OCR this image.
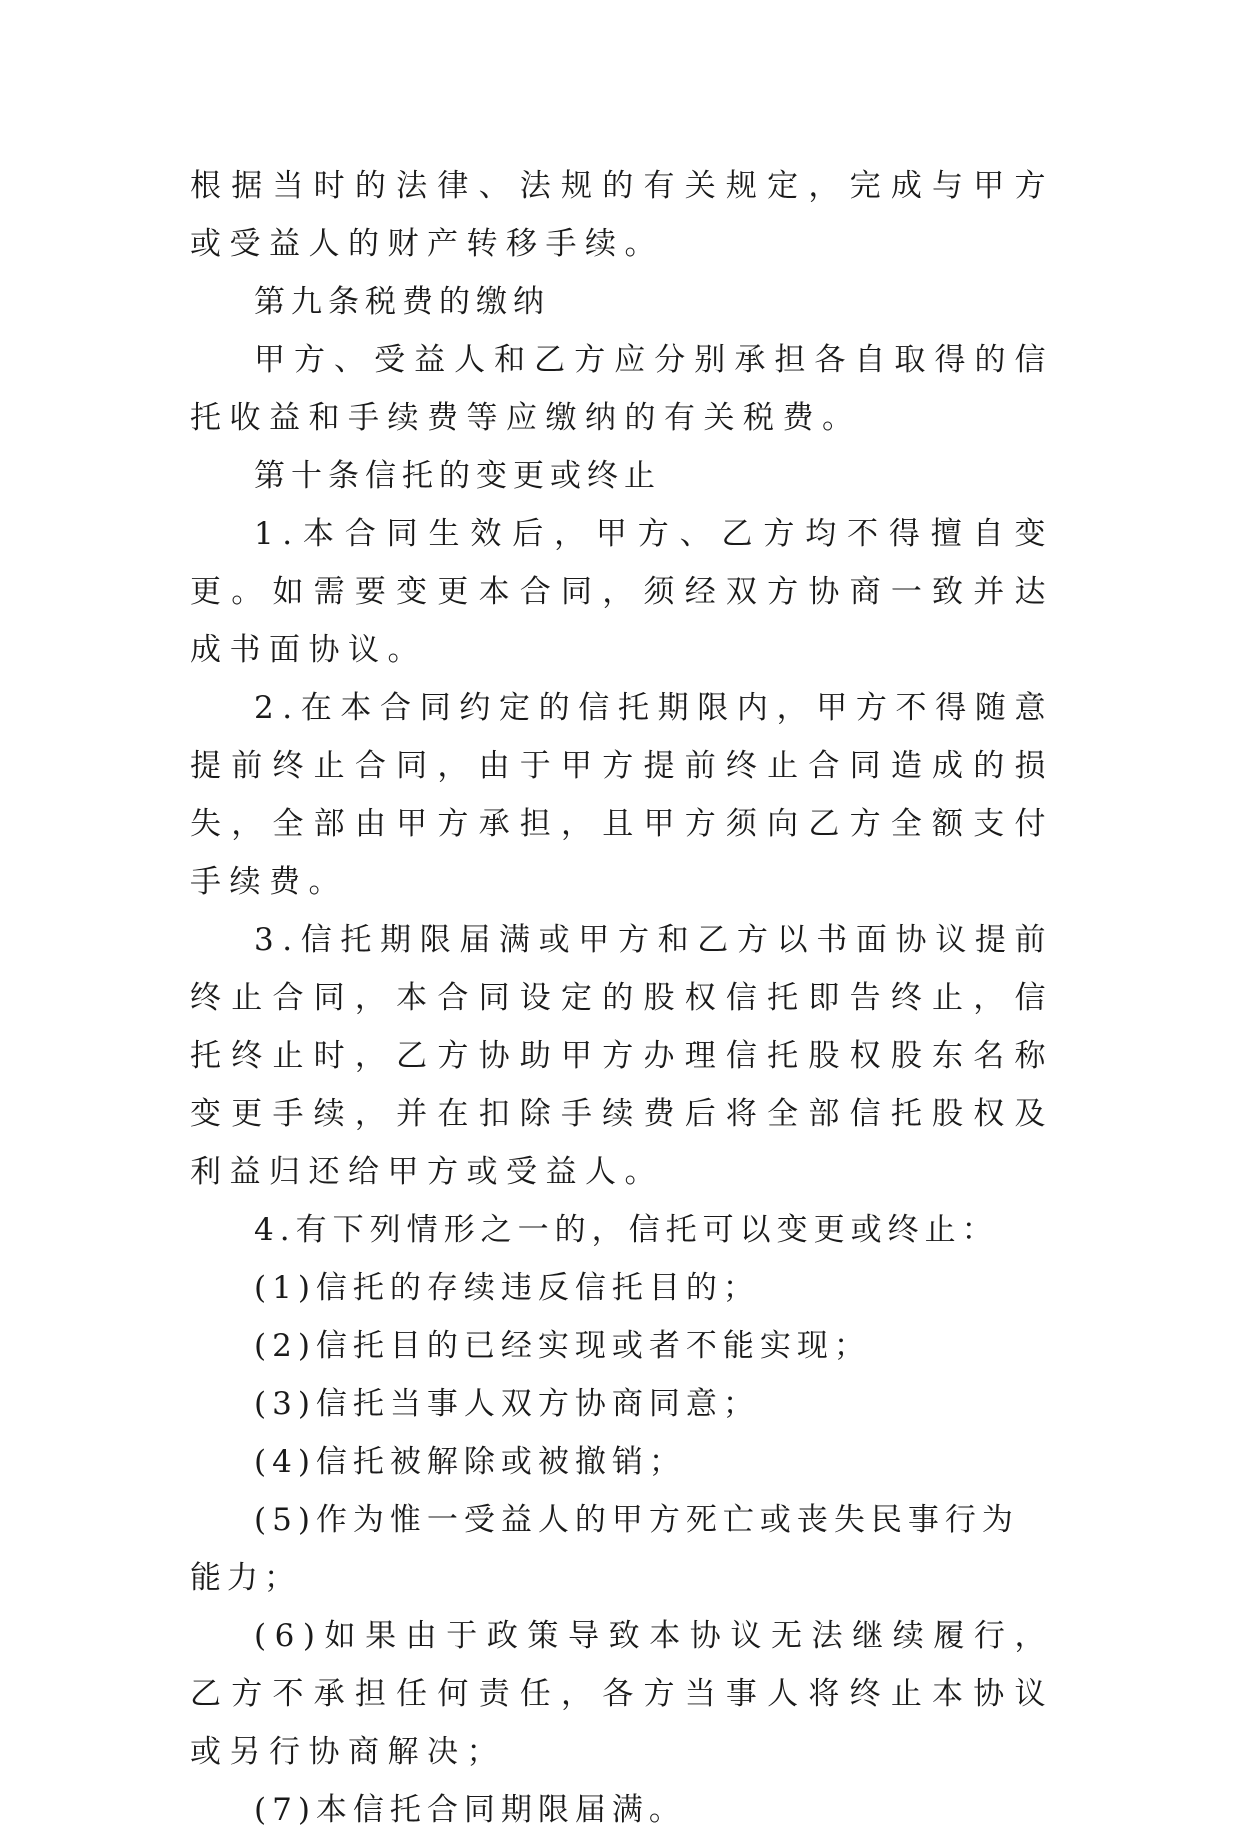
根据当时的法律、法规的有关规定，完成与甲方或受益人的财产转移手续。

第九条税费的缴纳

甲方、受益人和乙方应分别承担各自取得的信托收益和手续费等应缴纳的有关税费。

第十条信托的变更或终止

1.本合同生效后，甲方、乙方均不得擅自变更。如需要变更本合同，须经双方协商一致并达成书面协议。

2.在本合同约定的信托期限内，甲方不得随意提前终止合同，由于甲方提前终止合同造成的损失，全部由甲方承担，且甲方须向乙方全额支付手续费。

3.信托期限届满或甲方和乙方以书面协议提前终止合同，本合同设定的股权信托即告终止，信托终止时，乙方协助甲方办理信托股权股东名称变更手续，并在扣除手续费后将全部信托股权及利益归还给甲方或受益人。

4.有下列情形之一的，信托可以变更或终止：

(1)信托的存续违反信托目的；

(2)信托目的已经实现或者不能实现；

(3)信托当事人双方协商同意；

(4)信托被解除或被撤销；

(5)作为惟一受益人的甲方死亡或丧失民事行为能力；

(6)如果由于政策导致本协议无法继续履行，乙方不承担任何责任，各方当事人将终止本协议或另行协商解决；

(7)本信托合同期限届满。
